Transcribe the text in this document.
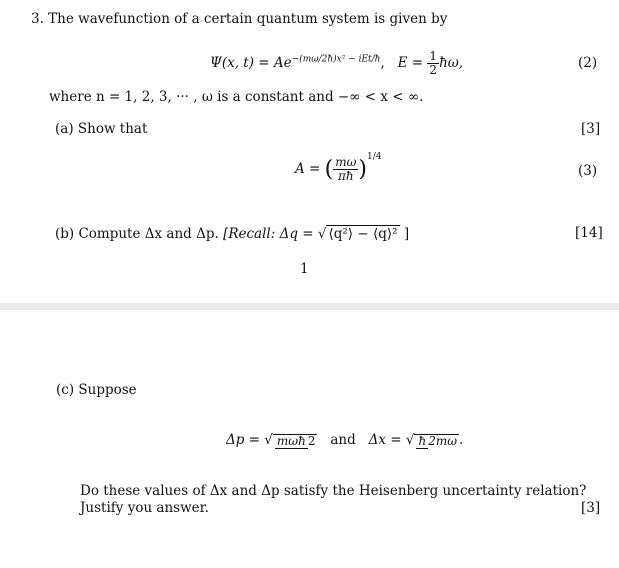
3. The wavefunction of a certain quantum system is given by
Ψ(x, $t) = Ae^{-(m\omega/2ħ)x^2 - iEt/ħ}$,   $E = \frac{1}{2}$ ħω,	(2)
where n = 1, 2, 3, ··· , ω is a constant and −∞ < x < ∞.
(a) Show that	[3]
A = ( $\frac{m\omega}{\pi ħ} )^{1/4}$
(3)
(b) Compute Δx and Δp. [Recall: Δq = √ ⟨q²⟩ − ⟨q⟩² ]	[14]
1
(c) Suppose
Δp = √ mωħ 2 and Δx = √ ħ 2mω .
Do these values of Δx and Δp satisfy the Heisenberg uncertainty relation?
Justify you answer.	[3]
